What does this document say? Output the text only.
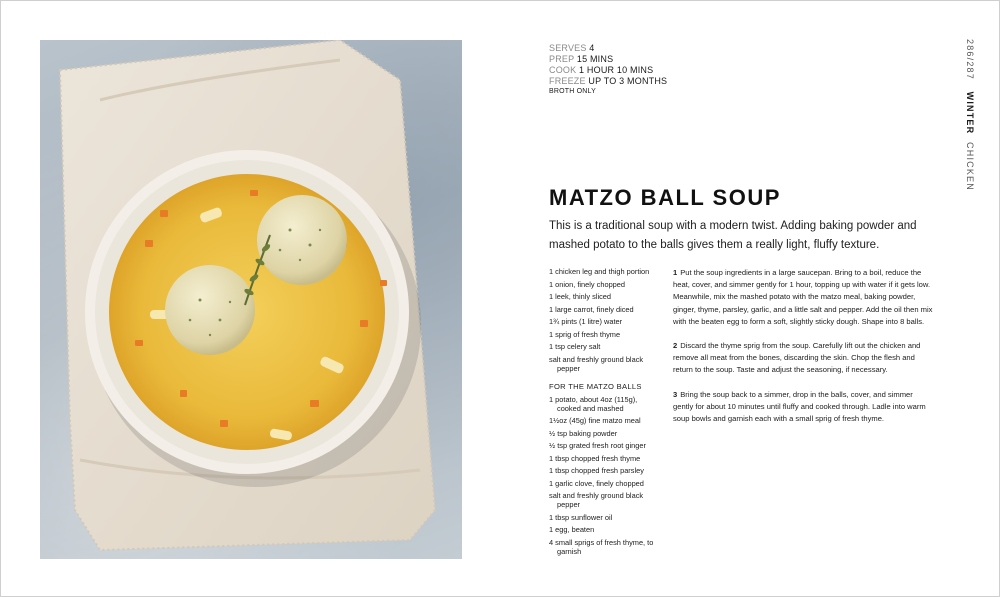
SERVES 4
PREP 15 MINS
COOK 1 HOUR 10 MINS
FREEZE UP TO 3 MONTHS
BROTH ONLY
286/287 WINTER CHICKEN
MATZO BALL SOUP
This is a traditional soup with a modern twist. Adding baking powder and mashed potato to the balls gives them a really light, fluffy texture.
1 chicken leg and thigh portion
1 onion, finely chopped
1 leek, thinly sliced
1 large carrot, finely diced
1¾ pints (1 litre) water
1 sprig of fresh thyme
1 tsp celery salt
salt and freshly ground black pepper
FOR THE MATZO BALLS
1 potato, about 4oz (115g), cooked and mashed
1½oz (45g) fine matzo meal
½ tsp baking powder
½ tsp grated fresh root ginger
1 tbsp chopped fresh thyme
1 tbsp chopped fresh parsley
1 garlic clove, finely chopped
salt and freshly ground black pepper
1 tbsp sunflower oil
1 egg, beaten
4 small sprigs of fresh thyme, to garnish
1 Put the soup ingredients in a large saucepan. Bring to a boil, reduce the heat, cover, and simmer gently for 1 hour, topping up with water if it gets low. Meanwhile, mix the mashed potato with the matzo meal, baking powder, ginger, thyme, parsley, garlic, and a little salt and pepper. Add the oil then mix with the beaten egg to form a soft, slightly sticky dough. Shape into 8 balls.
2 Discard the thyme sprig from the soup. Carefully lift out the chicken and remove all meat from the bones, discarding the skin. Chop the flesh and return to the soup. Taste and adjust the seasoning, if necessary.
3 Bring the soup back to a simmer, drop in the balls, cover, and simmer gently for about 10 minutes until fluffy and cooked through. Ladle into warm soup bowls and garnish each with a small sprig of fresh thyme.
